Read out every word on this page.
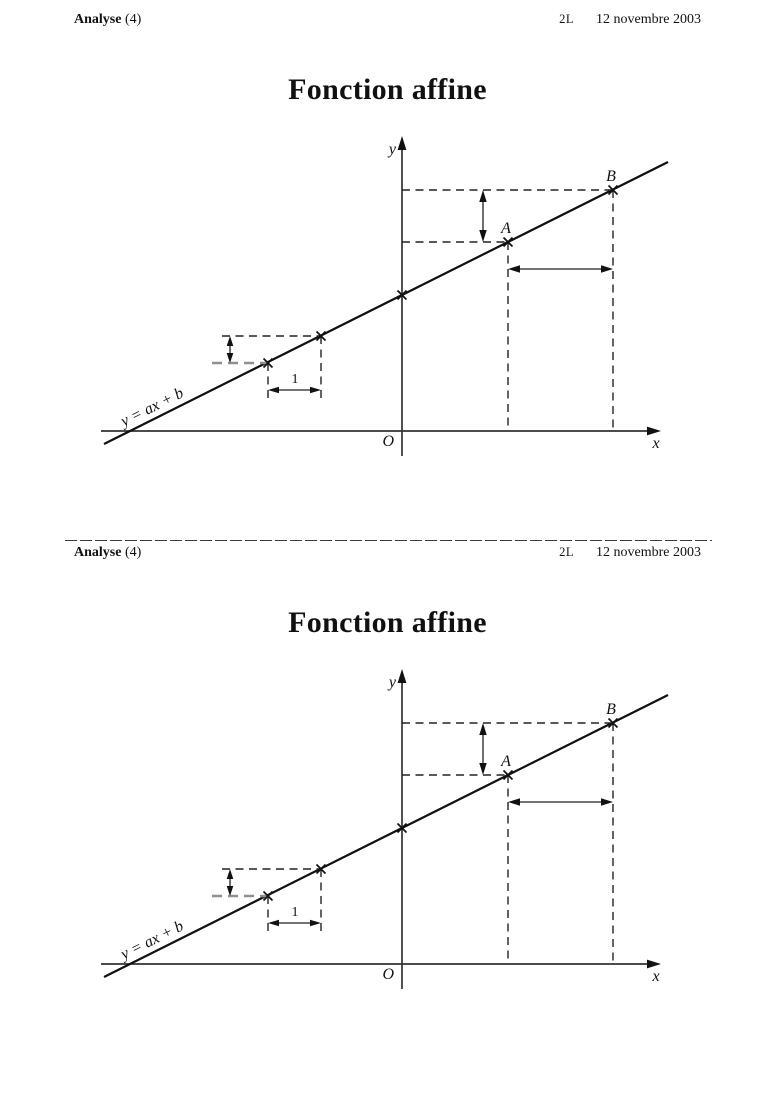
Analyse (4)	2L 12 novembre 2003
Fonction affine
y
x
O
A
B
1
y = ax + b
Analyse (4)	2L 12 novembre 2003
Fonction affine
y
x
O
A
B
1
y = ax + b
